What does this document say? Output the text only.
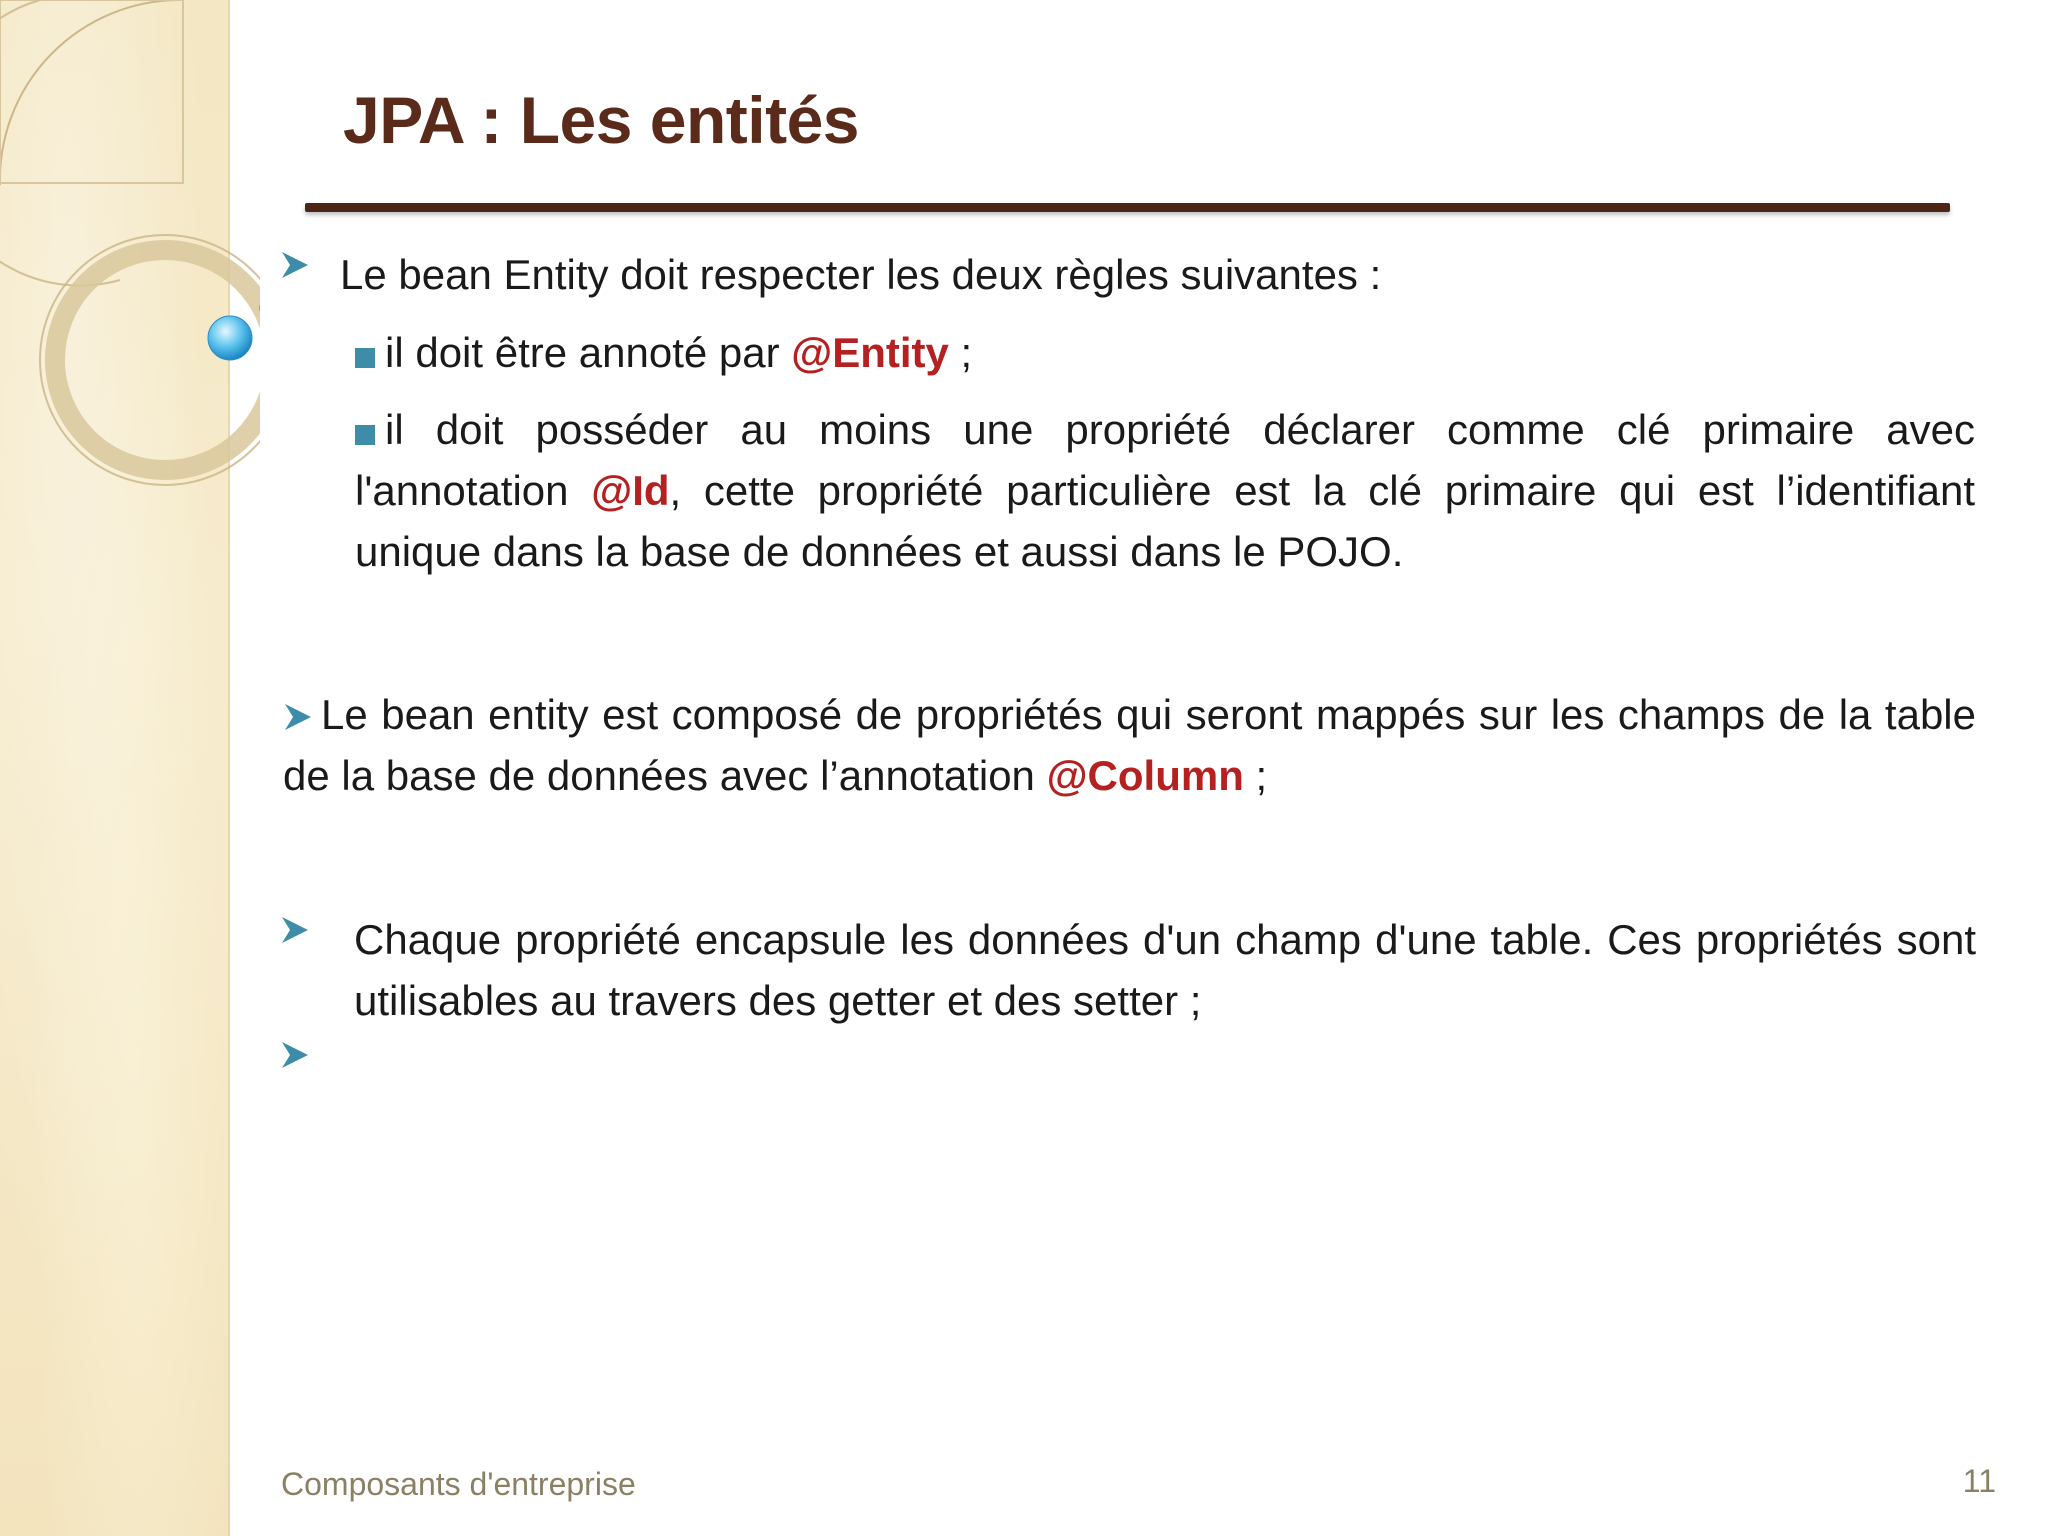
JPA : Les entités
Le bean Entity doit respecter les deux règles suivantes :
il doit être annoté par @Entity ;
il doit posséder au moins une propriété déclarer comme clé primaire avec l'annotation @Id, cette propriété particulière est la clé primaire qui est l’identifiant unique dans la base de données et aussi dans le POJO.
Le bean entity est composé de propriétés qui seront mappés sur les champs de la table de la base de données avec l’annotation @Column ;
Chaque propriété encapsule les données d'un champ d'une table. Ces propriétés sont utilisables au travers des getter et des setter ;
Composants d'entreprise	11
